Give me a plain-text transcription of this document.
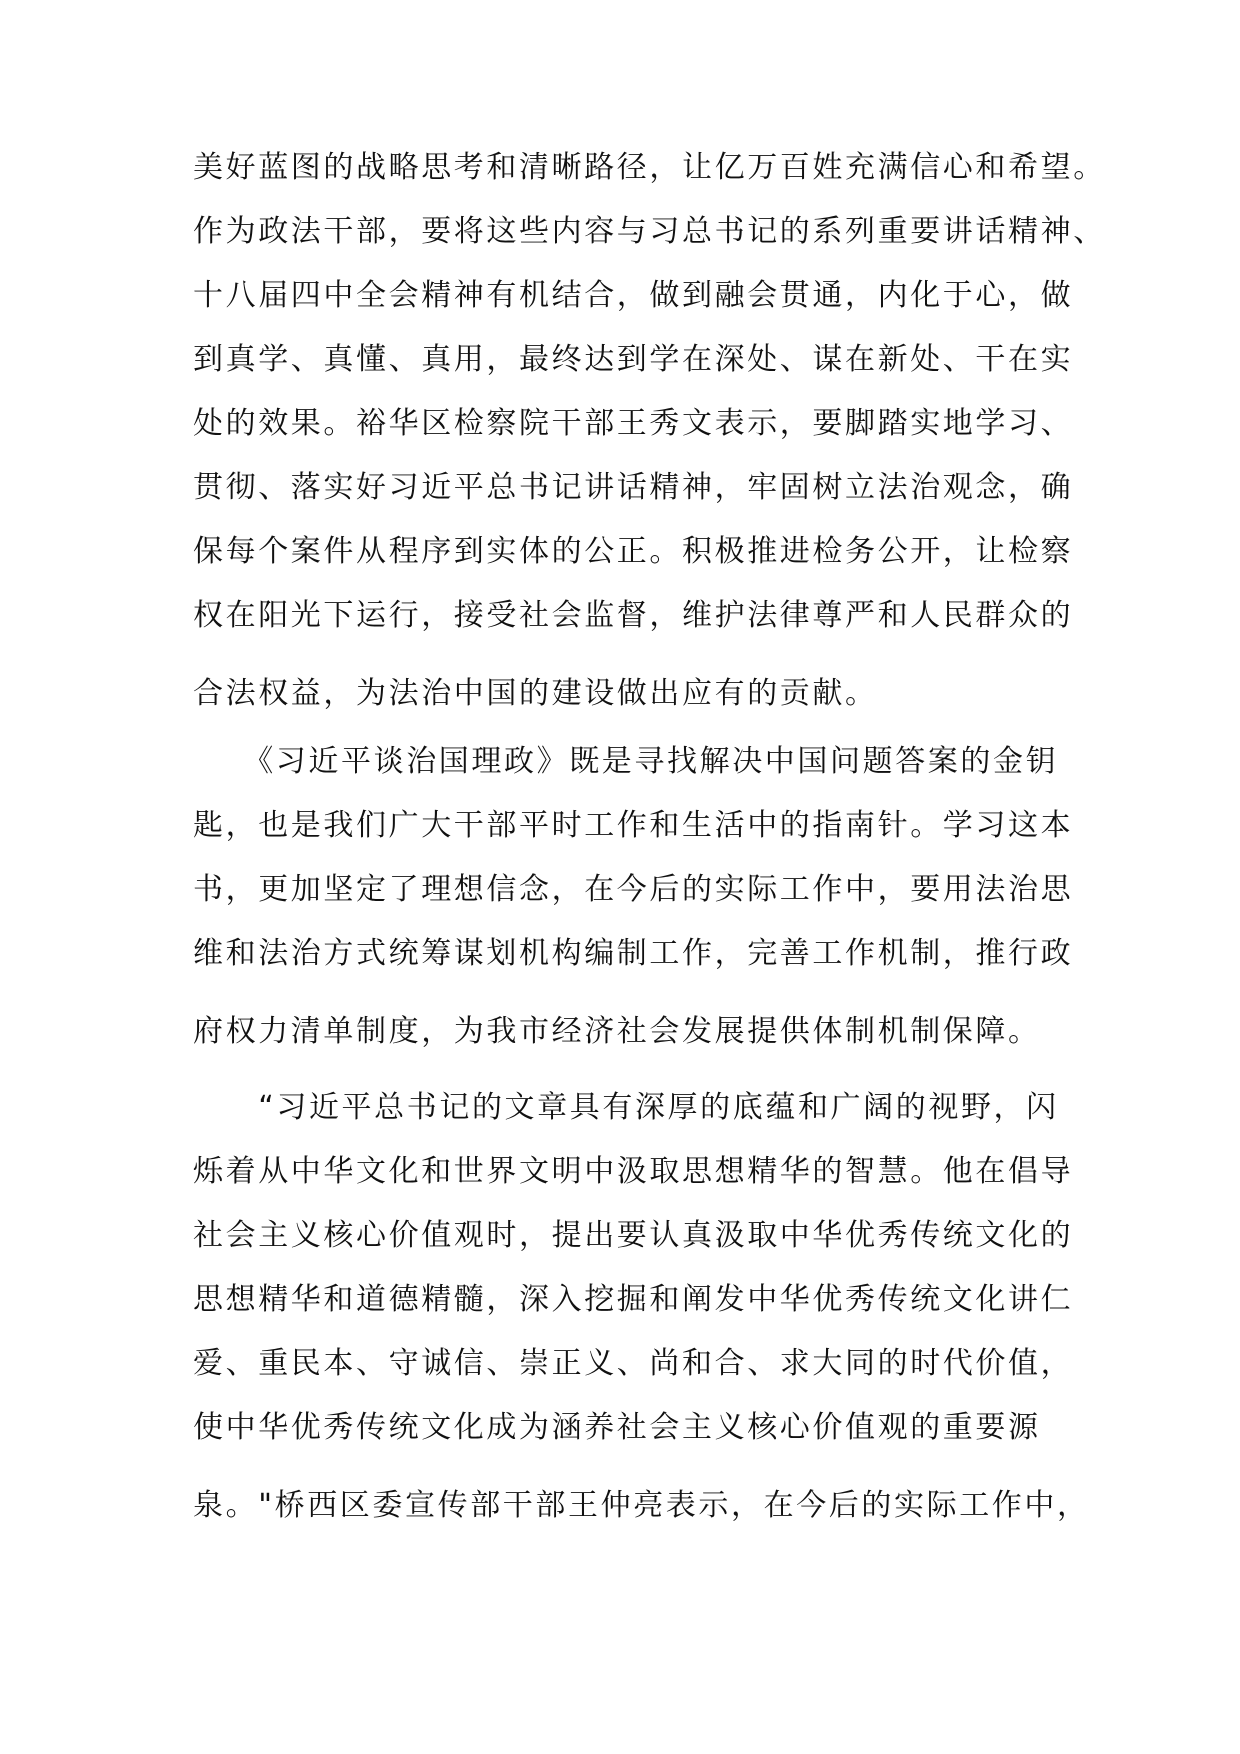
美好蓝图的战略思考和清晰路径，让亿万百姓充满信心和希望。
作为政法干部，要将这些内容与习总书记的系列重要讲话精神、
十八届四中全会精神有机结合，做到融会贯通，内化于心，做
到真学、真懂、真用，最终达到学在深处、谋在新处、干在实
处的效果。裕华区检察院干部王秀文表示，要脚踏实地学习、
贯彻、落实好习近平总书记讲话精神，牢固树立法治观念，确
保每个案件从程序到实体的公正。积极推进检务公开，让检察
权在阳光下运行，接受社会监督，维护法律尊严和人民群众的
合法权益，为法治中国的建设做出应有的贡献。
　　《习近平谈治国理政》既是寻找解决中国问题答案的金钥
匙，也是我们广大干部平时工作和生活中的指南针。学习这本
书，更加坚定了理想信念，在今后的实际工作中，要用法治思
维和法治方式统筹谋划机构编制工作，完善工作机制，推行政
府权力清单制度，为我市经济社会发展提供体制机制保障。
　　“习近平总书记的文章具有深厚的底蕴和广阔的视野，闪
烁着从中华文化和世界文明中汲取思想精华的智慧。他在倡导
社会主义核心价值观时，提出要认真汲取中华优秀传统文化的
思想精华和道德精髓，深入挖掘和阐发中华优秀传统文化讲仁
爱、重民本、守诚信、崇正义、尚和合、求大同的时代价值，
使中华优秀传统文化成为涵养社会主义核心价值观的重要源
泉。"桥西区委宣传部干部王仲亮表示，在今后的实际工作中，
